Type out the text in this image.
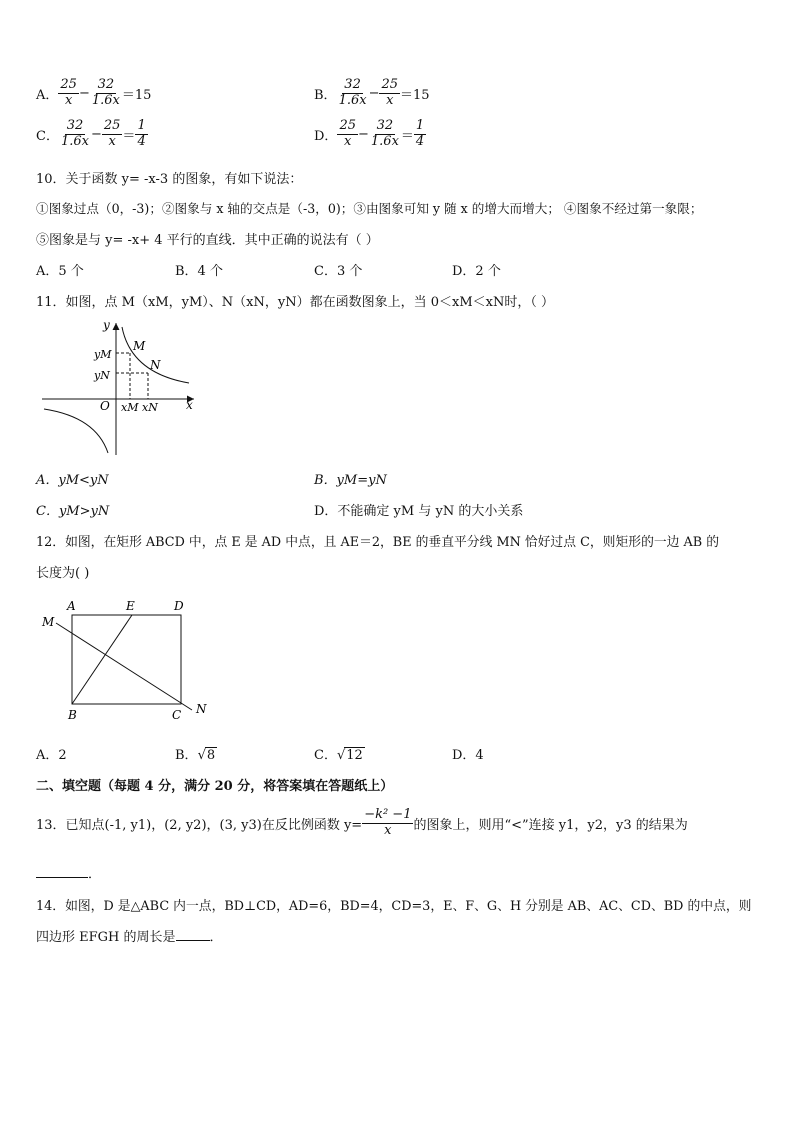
A． $\frac{25}{x} - \frac{32}{1.6x} =15$	B． $\frac{32}{1.6x} - \frac{25}{x} =15$
C． $\frac{32}{1.6x} - \frac{25}{x} = \frac{1}{4}$	D． $\frac{25}{x} - \frac{32}{1.6x} = \frac{1}{4}$
10．关于函数 y= -x-3 的图象，有如下说法：
①图象过点（0，-3)；②图象与 x 轴的交点是（-3，0)；③由图象可知 y 随 x 的增大而增大； ④图象不经过第一象限；
⑤图象是与 y= -x+ 4 平行的直线．其中正确的说法有（ ）
A．5 个	B．4 个	C．3 个	D．2 个
11．如图，点 M（xM，yM）、N（xN，yN）都在函数图象上，当 0＜xM＜xN时，（ ）
y
x
O
yM
yN
xM xN
M
N
A．yM<yN	B．yM=yN
C．yM>yN	D．不能确定 yM 与 yN 的大小关系
12．如图，在矩形 ABCD 中，点 E 是 AD 中点，且 AE＝2，BE 的垂直平分线 MN 恰好过点 C，则矩形的一边 AB 的
长度为( )
A	E	D
M
B	C N
A．2	B．√8	C．√12	D．4
二、填空题（每题 4 分，满分 20 分，将答案填在答题纸上）
13．已知点(-1, y1)，(2, y2)，(3, y3)在反比例函数 $y= \frac{\text{−k² −1}}{x}$ 的图象上，则用“<”连接 y1，y2，y3 的结果为
．
14．如图，D 是△ABC 内一点，BD⊥CD，AD=6，BD=4，CD=3，E、F、G、H 分别是 AB、AC、CD、BD 的中点，则
四边形 EFGH 的周长是	．
